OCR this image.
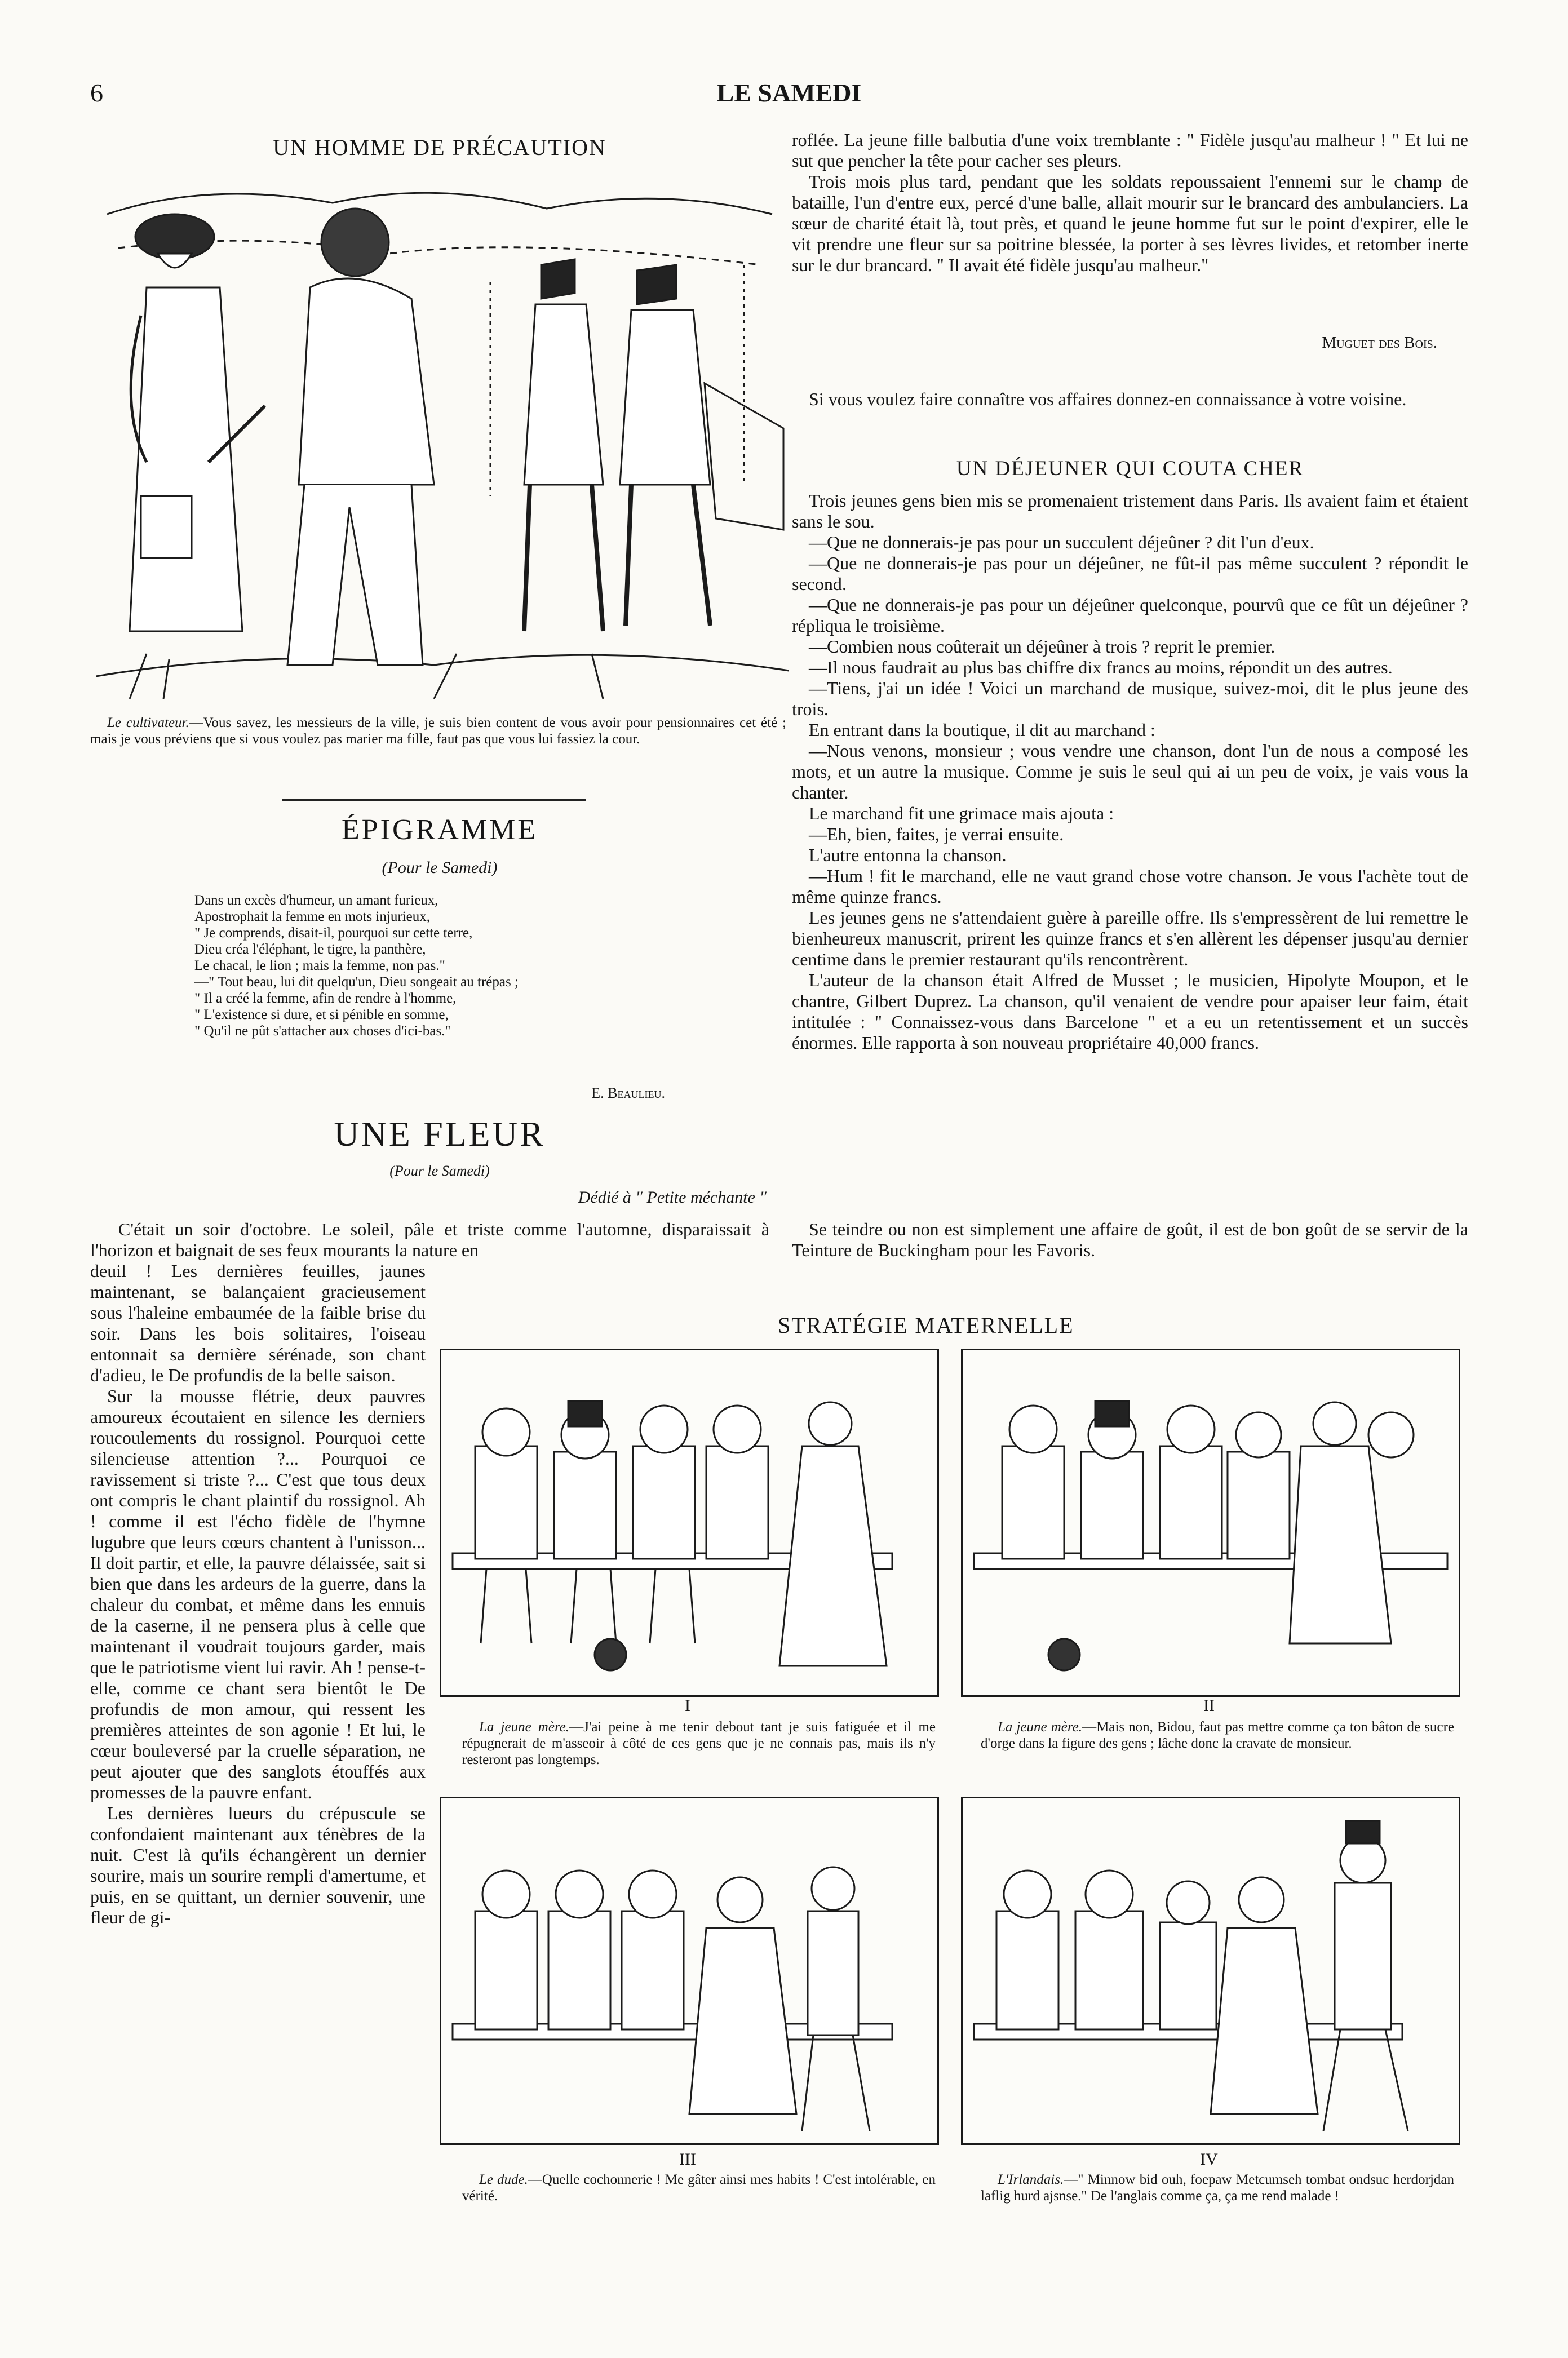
6	LE SAMEDI
UN HOMME DE PRÉCAUTION
Le cultivateur.—Vous savez, les messieurs de la ville, je suis bien content de vous avoir pour pensionnaires cet été ; mais je vous préviens que si vous voulez pas marier ma fille, faut pas que vous lui fassiez la cour.
ÉPIGRAMME
(Pour le Samedi)
Dans un excès d'humeur, un amant furieux,
Apostrophait la femme en mots injurieux,
" Je comprends, disait-il, pourquoi sur cette terre,
Dieu créa l'éléphant, le tigre, la panthère,
Le chacal, le lion ; mais la femme, non pas."
—" Tout beau, lui dit quelqu'un, Dieu songeait au trépas ;
" Il a créé la femme, afin de rendre à l'homme,
" L'existence si dure, et si pénible en somme,
" Qu'il ne pût s'attacher aux choses d'ici-bas."
E. Beaulieu.
UNE FLEUR
(Pour le Samedi)
Dédié à " Petite méchante "
C'était un soir d'octobre. Le soleil, pâle et triste comme l'automne, disparaissait à l'horizon et baignait de ses feux mourants la nature en

deuil ! Les dernières feuilles, jaunes maintenant, se balançaient gracieusement sous l'haleine embaumée de la faible brise du soir. Dans les bois solitaires, l'oiseau entonnait sa dernière sérénade, son chant d'adieu, le De profundis de la belle saison.

Sur la mousse flétrie, deux pauvres amoureux écoutaient en silence les derniers roucoulements du rossignol. Pourquoi cette silencieuse attention ?... Pourquoi ce ravissement si triste ?... C'est que tous deux ont compris le chant plaintif du rossignol. Ah ! comme il est l'écho fidèle de l'hymne lugubre que leurs cœurs chantent à l'unisson... Il doit partir, et elle, la pauvre délaissée, sait si bien que dans les ardeurs de la guerre, dans la chaleur du combat, et même dans les ennuis de la caserne, il ne pensera plus à celle que maintenant il voudrait toujours garder, mais que le patriotisme vient lui ravir. Ah ! pense-t-elle, comme ce chant sera bientôt le De profundis de mon amour, qui ressent les premières atteintes de son agonie ! Et lui, le cœur bouleversé par la cruelle séparation, ne peut ajouter que des sanglots étouffés aux promesses de la pauvre enfant.

Les dernières lueurs du crépuscule se confondaient maintenant aux ténèbres de la nuit. C'est là qu'ils échangèrent un dernier sourire, mais un sourire rempli d'amertume, et puis, en se quittant, un dernier souvenir, une fleur de gi-

roflée. La jeune fille balbutia d'une voix tremblante : " Fidèle jusqu'au malheur ! " Et lui ne sut que pencher la tête pour cacher ses pleurs.

Trois mois plus tard, pendant que les soldats repoussaient l'ennemi sur le champ de bataille, l'un d'entre eux, percé d'une balle, allait mourir sur le brancard des ambulanciers. La sœur de charité était là, tout près, et quand le jeune homme fut sur le point d'expirer, elle le vit prendre une fleur sur sa poitrine blessée, la porter à ses lèvres livides, et retomber inerte sur le dur brancard. " Il avait été fidèle jusqu'au malheur."

Muguet des Bois.
Si vous voulez faire connaître vos affaires donnez-en connaissance à votre voisine.
UN DÉJEUNER QUI COUTA CHER

Trois jeunes gens bien mis se promenaient tristement dans Paris. Ils avaient faim et étaient sans le sou.

—Que ne donnerais-je pas pour un succulent déjeûner ? dit l'un d'eux.

—Que ne donnerais-je pas pour un déjeûner, ne fût-il pas même succulent ? répondit le second.

—Que ne donnerais-je pas pour un déjeûner quelconque, pourvû que ce fût un déjeûner ? répliqua le troisième.

—Combien nous coûterait un déjeûner à trois ? reprit le premier.

—Il nous faudrait au plus bas chiffre dix francs au moins, répondit un des autres.

—Tiens, j'ai un idée ! Voici un marchand de musique, suivez-moi, dit le plus jeune des trois.

En entrant dans la boutique, il dit au marchand :

—Nous venons, monsieur ; vous vendre une chanson, dont l'un de nous a composé les mots, et un autre la musique. Comme je suis le seul qui ai un peu de voix, je vais vous la chanter.

Le marchand fit une grimace mais ajouta :

—Eh, bien, faites, je verrai ensuite.

L'autre entonna la chanson.

—Hum ! fit le marchand, elle ne vaut grand chose votre chanson. Je vous l'achète tout de même quinze francs.

Les jeunes gens ne s'attendaient guère à pareille offre. Ils s'empressèrent de lui remettre le bienheureux manuscrit, prirent les quinze francs et s'en allèrent les dépenser jusqu'au dernier centime dans le premier restaurant qu'ils rencontrèrent.

L'auteur de la chanson était Alfred de Musset ; le musicien, Hipolyte Moupon, et le chantre, Gilbert Duprez. La chanson, qu'il venaient de vendre pour apaiser leur faim, était intitulée : " Connaissez-vous dans Barcelone " et a eu un retentissement et un succès énormes. Elle rapporta à son nouveau propriétaire 40,000 francs.

Se teindre ou non est simplement une affaire de goût, il est de bon goût de se servir de la Teinture de Buckingham pour les Favoris.
STRATÉGIE MATERNELLE
I
La jeune mère.—J'ai peine à me tenir debout tant je suis fatiguée et il me répugnerait de m'asseoir à côté de ces gens que je ne connais pas, mais ils n'y resteront pas longtemps.
II
La jeune mère.—Mais non, Bidou, faut pas mettre comme ça ton bâton de sucre d'orge dans la figure des gens ; lâche donc la cravate de monsieur.
III
Le dude.—Quelle cochonnerie ! Me gâter ainsi mes habits ! C'est intolérable, en vérité.
IV
L'Irlandais.—" Minnow bid ouh, foepaw Metcumseh tombat ondsuc herdorjdan laflig hurd ajsnse." De l'anglais comme ça, ça me rend malade !
